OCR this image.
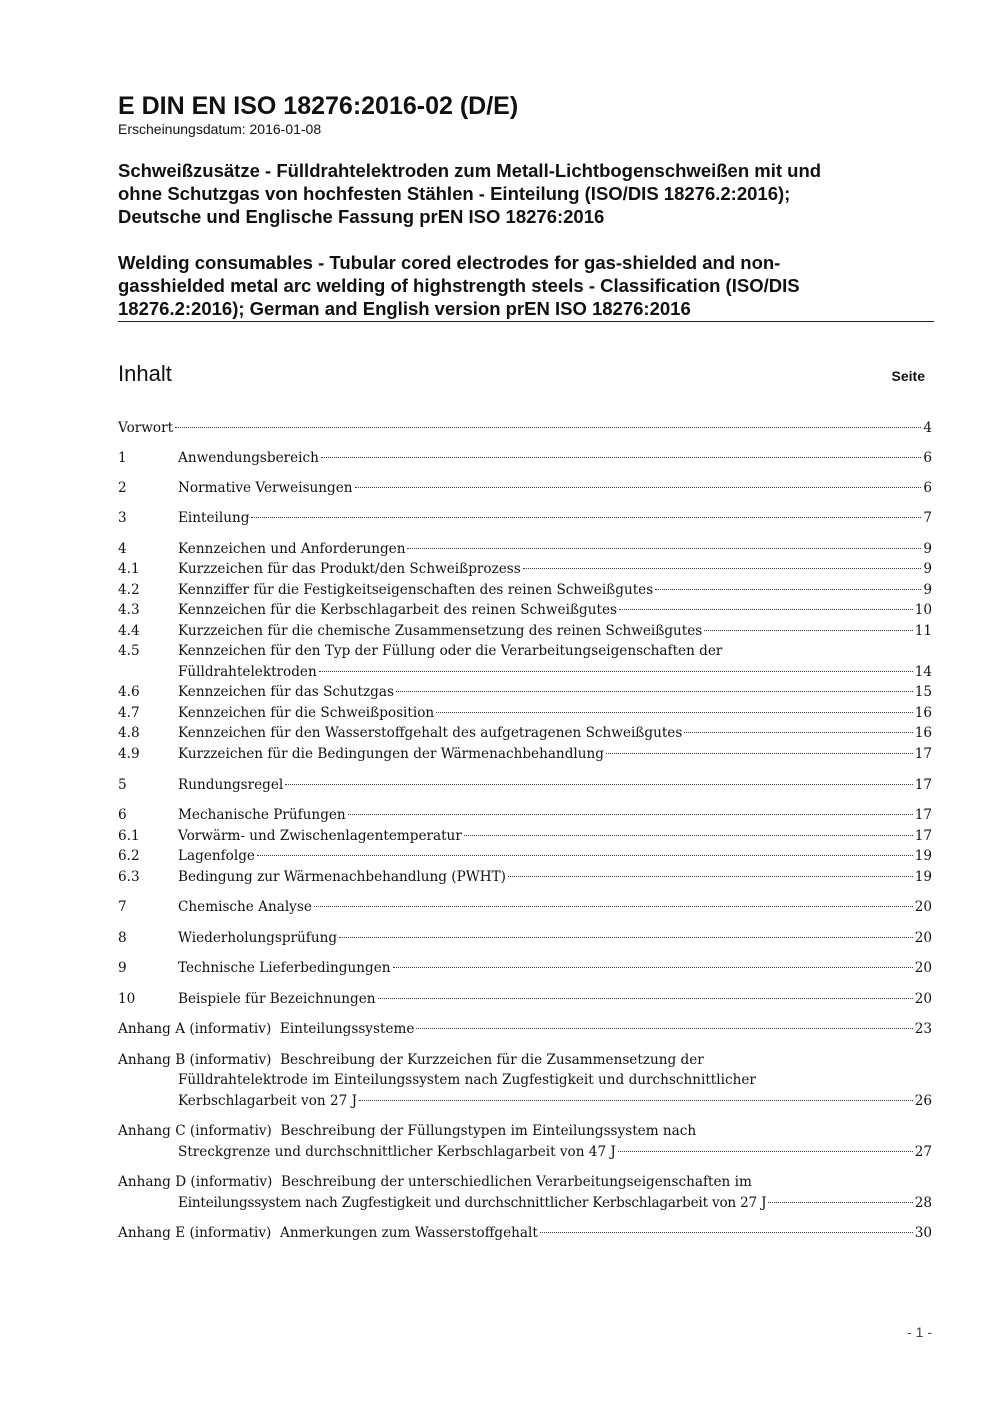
E DIN EN ISO 18276:2016-02 (D/E)
Erscheinungsdatum: 2016-01-08
Schweißzusätze - Fülldrahtelektroden zum Metall-Lichtbogenschweißen mit und
ohne Schutzgas von hochfesten Stählen - Einteilung (ISO/DIS 18276.2:2016);
Deutsche und Englische Fassung prEN ISO 18276:2016
Welding consumables - Tubular cored electrodes for gas-shielded and non-
gasshielded metal arc welding of highstrength steels - Classification (ISO/DIS
18276.2:2016); German and English version prEN ISO 18276:2016
Inhalt	Seite
Vorwort	4
1	Anwendungsbereich	6
2	Normative Verweisungen	6
3	Einteilung	7
4	Kennzeichen und Anforderungen	9
4.1	Kurzzeichen für das Produkt/den Schweißprozess	9
4.2	Kennziffer für die Festigkeitseigenschaften des reinen Schweißgutes	9
4.3	Kennzeichen für die Kerbschlagarbeit des reinen Schweißgutes	10
4.4	Kurzzeichen für die chemische Zusammensetzung des reinen Schweißgutes	11
4.5	Kennzeichen für den Typ der Füllung oder die Verarbeitungseigenschaften der
Fülldrahtelektroden	14
4.6	Kennzeichen für das Schutzgas	15
4.7	Kennzeichen für die Schweißposition	16
4.8	Kennzeichen für den Wasserstoffgehalt des aufgetragenen Schweißgutes	16
4.9	Kurzzeichen für die Bedingungen der Wärmenachbehandlung	17
5	Rundungsregel	17
6	Mechanische Prüfungen	17
6.1	Vorwärm- und Zwischenlagentemperatur	17
6.2	Lagenfolge	19
6.3	Bedingung zur Wärmenachbehandlung (PWHT)	19
7	Chemische Analyse	20
8	Wiederholungsprüfung	20
9	Technische Lieferbedingungen	20
10	Beispiele für Bezeichnungen	20
Anhang A (informativ)  Einteilungssysteme	23
Anhang B (informativ)  Beschreibung der Kurzzeichen für die Zusammensetzung der
Fülldrahtelektrode im Einteilungssystem nach Zugfestigkeit und durchschnittlicher
Kerbschlagarbeit von 27 J	26
Anhang C (informativ)  Beschreibung der Füllungstypen im Einteilungssystem nach
Streckgrenze und durchschnittlicher Kerbschlagarbeit von 47 J	27
Anhang D (informativ)  Beschreibung der unterschiedlichen Verarbeitungseigenschaften im
Einteilungssystem nach Zugfestigkeit und durchschnittlicher Kerbschlagarbeit von 27 J	28
Anhang E (informativ)  Anmerkungen zum Wasserstoffgehalt	30
- 1 -
